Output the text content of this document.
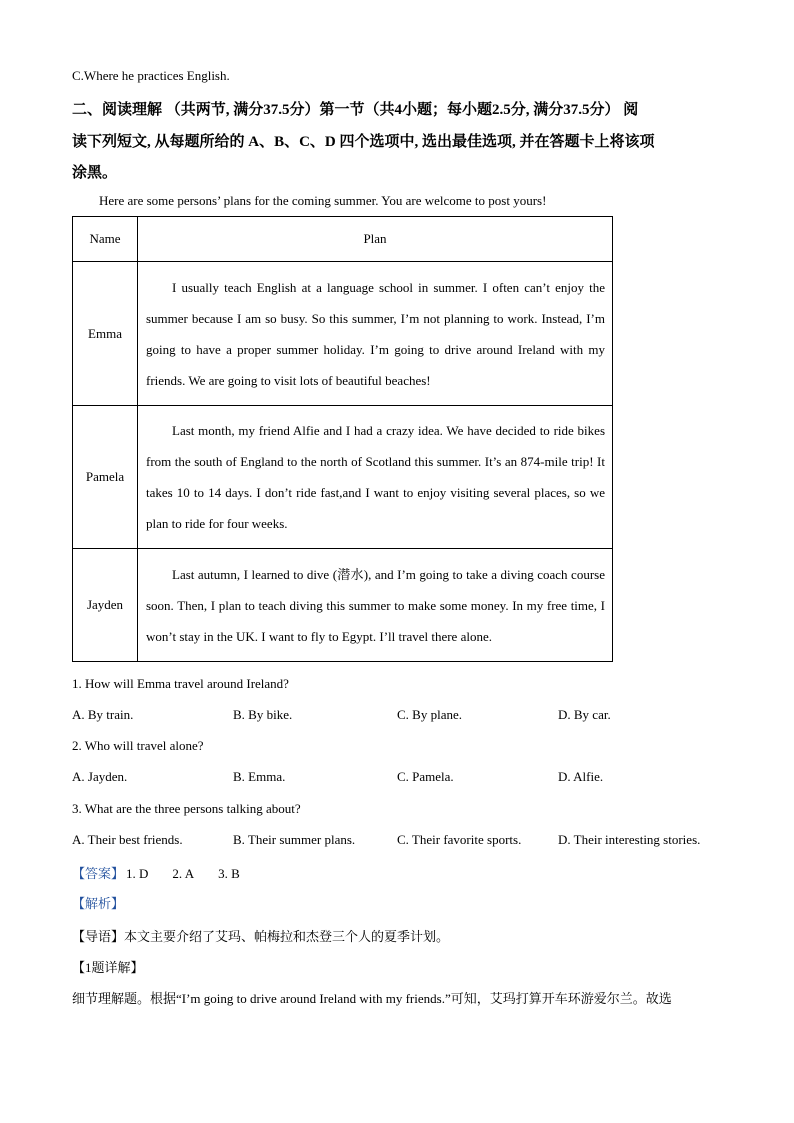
C.Where he practices English.
二、阅读理解 （共两节, 满分37.5分）第一节（共4小题；每小题2.5分, 满分37.5分） 阅
读下列短文, 从每题所给的 A、B、C、D 四个选项中, 选出最佳选项, 并在答题卡上将该项
涂黑。
Here are some persons’ plans for the coming summer. You are welcome to post yours!
Name	Plan
Emma	I usually teach English at a language school in summer. I often can’t enjoy the summer because I am so busy. So this summer, I’m not planning to work. Instead, I’m going to have a proper summer holiday. I’m going to drive around Ireland with my friends. We are going to visit lots of beautiful beaches!
Pamela	Last month, my friend Alfie and I had a crazy idea. We have decided to ride bikes from the south of England to the north of Scotland this summer. It’s an 874-mile trip! It takes 10 to 14 days. I don’t ride fast,and I want to enjoy visiting several places, so we plan to ride for four weeks.
Jayden	Last autumn, I learned to dive (潜水), and I’m going to take a diving coach course soon. Then, I plan to teach diving this summer to make some money. In my free time, I won’t stay in the UK. I want to fly to Egypt. I’ll travel there alone.
1. How will Emma travel around Ireland?
A. By train.	B. By bike.	C. By plane.	D. By car.
2. Who will travel alone?
A. Jayden.	B. Emma.	C. Pamela.	D. Alfie.
3. What are the three persons talking about?
A. Their best friends.	B. Their summer plans.	C. Their favorite sports.	D. Their interesting stories.
【答案】 1. D 2. A 3. B
【解析】
【导语】本文主要介绍了艾玛、帕梅拉和杰登三个人的夏季计划。
【1题详解】
细节理解题。根据“I’m going to drive around Ireland with my friends.”可知，艾玛打算开车环游爱尔兰。故选
